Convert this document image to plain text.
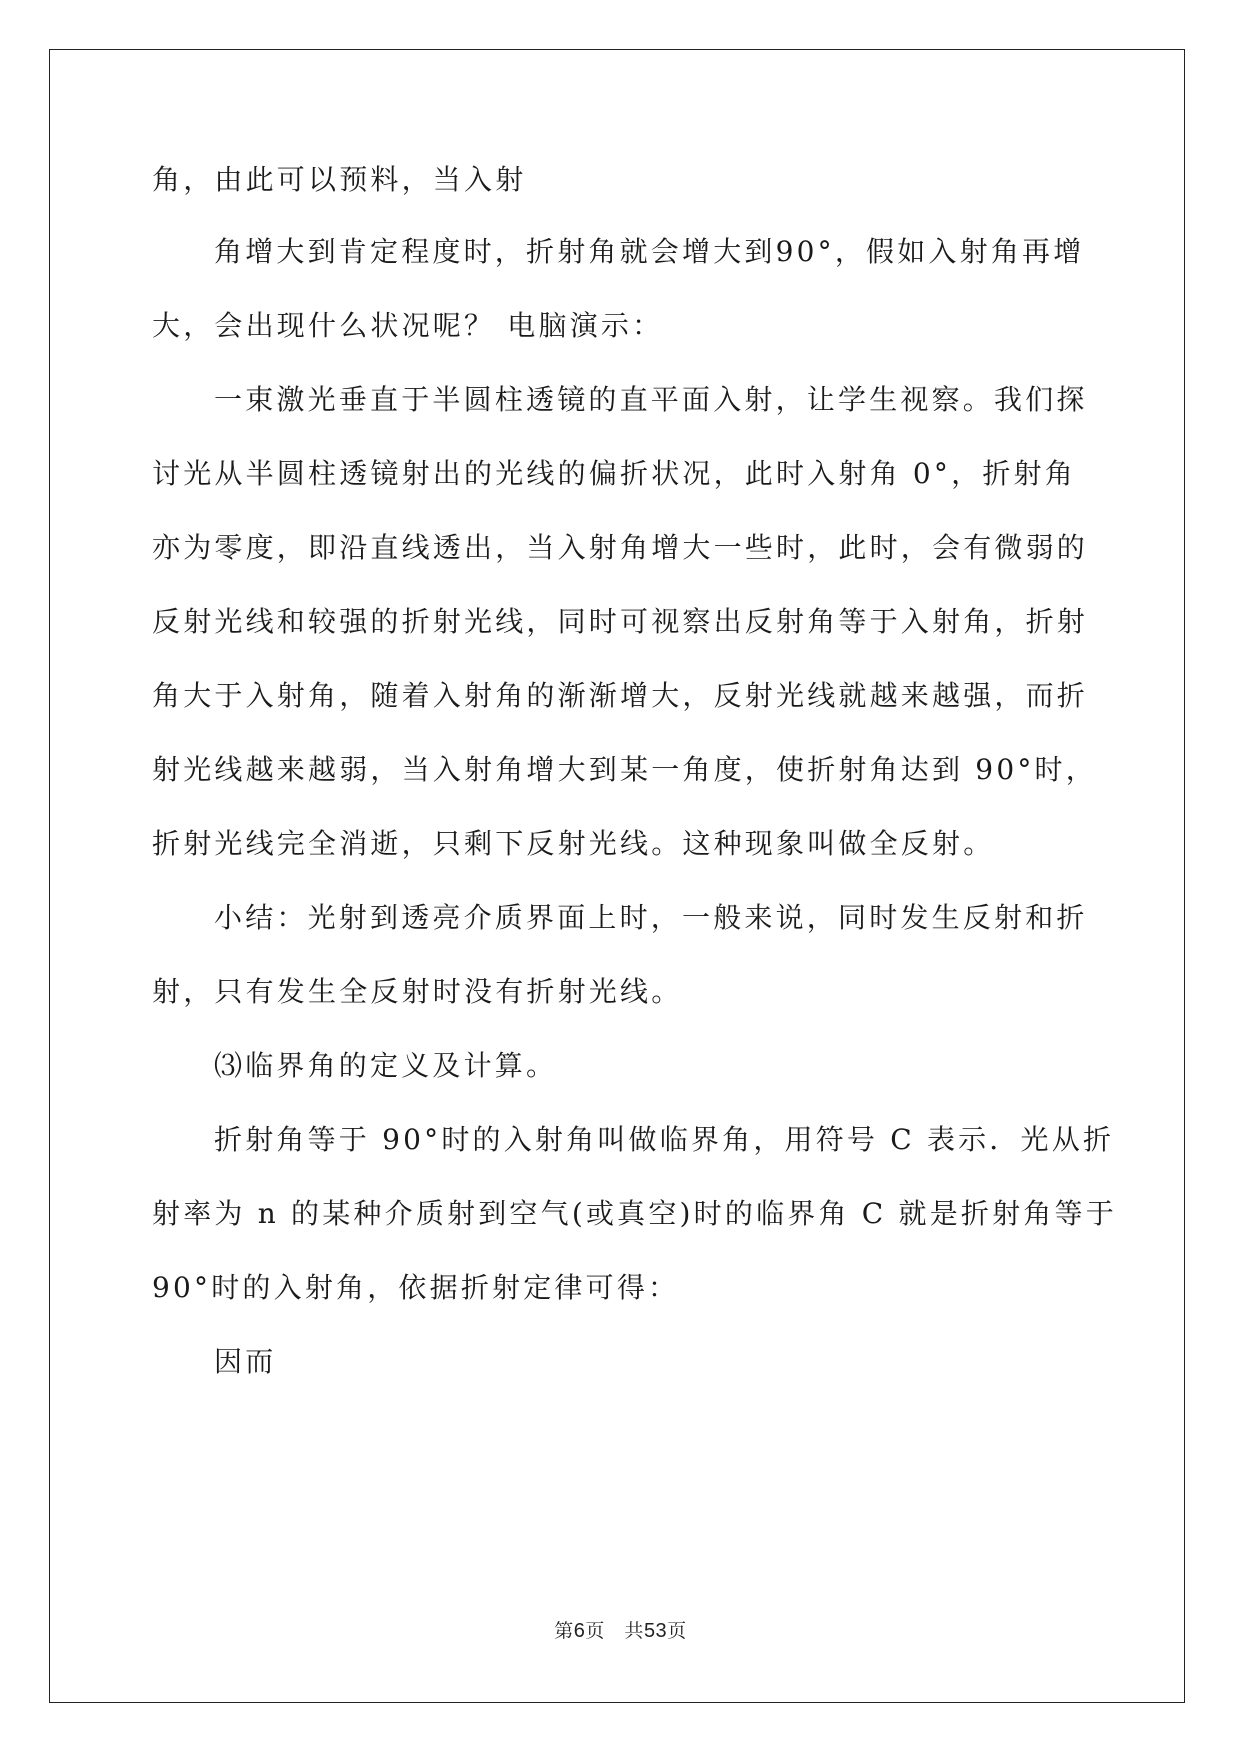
角，由此可以预料，当入射
角增大到肯定程度时，折射角就会增大到90°，假如入射角再增
大，会出现什么状况呢？ 电脑演示：
一束激光垂直于半圆柱透镜的直平面入射，让学生视察。我们探
讨光从半圆柱透镜射出的光线的偏折状况，此时入射角 0°，折射角
亦为零度，即沿直线透出，当入射角增大一些时，此时，会有微弱的
反射光线和较强的折射光线，同时可视察出反射角等于入射角，折射
角大于入射角，随着入射角的渐渐增大，反射光线就越来越强，而折
射光线越来越弱，当入射角增大到某一角度，使折射角达到 90°时，
折射光线完全消逝，只剩下反射光线。这种现象叫做全反射。
小结：光射到透亮介质界面上时，一般来说，同时发生反射和折
射，只有发生全反射时没有折射光线。
⑶临界角的定义及计算。
折射角等于 90°时的入射角叫做临界角，用符号 C 表示．光从折
射率为 n 的某种介质射到空气(或真空)时的临界角 C 就是折射角等于
90°时的入射角，依据折射定律可得：
因而
第6页　共53页
